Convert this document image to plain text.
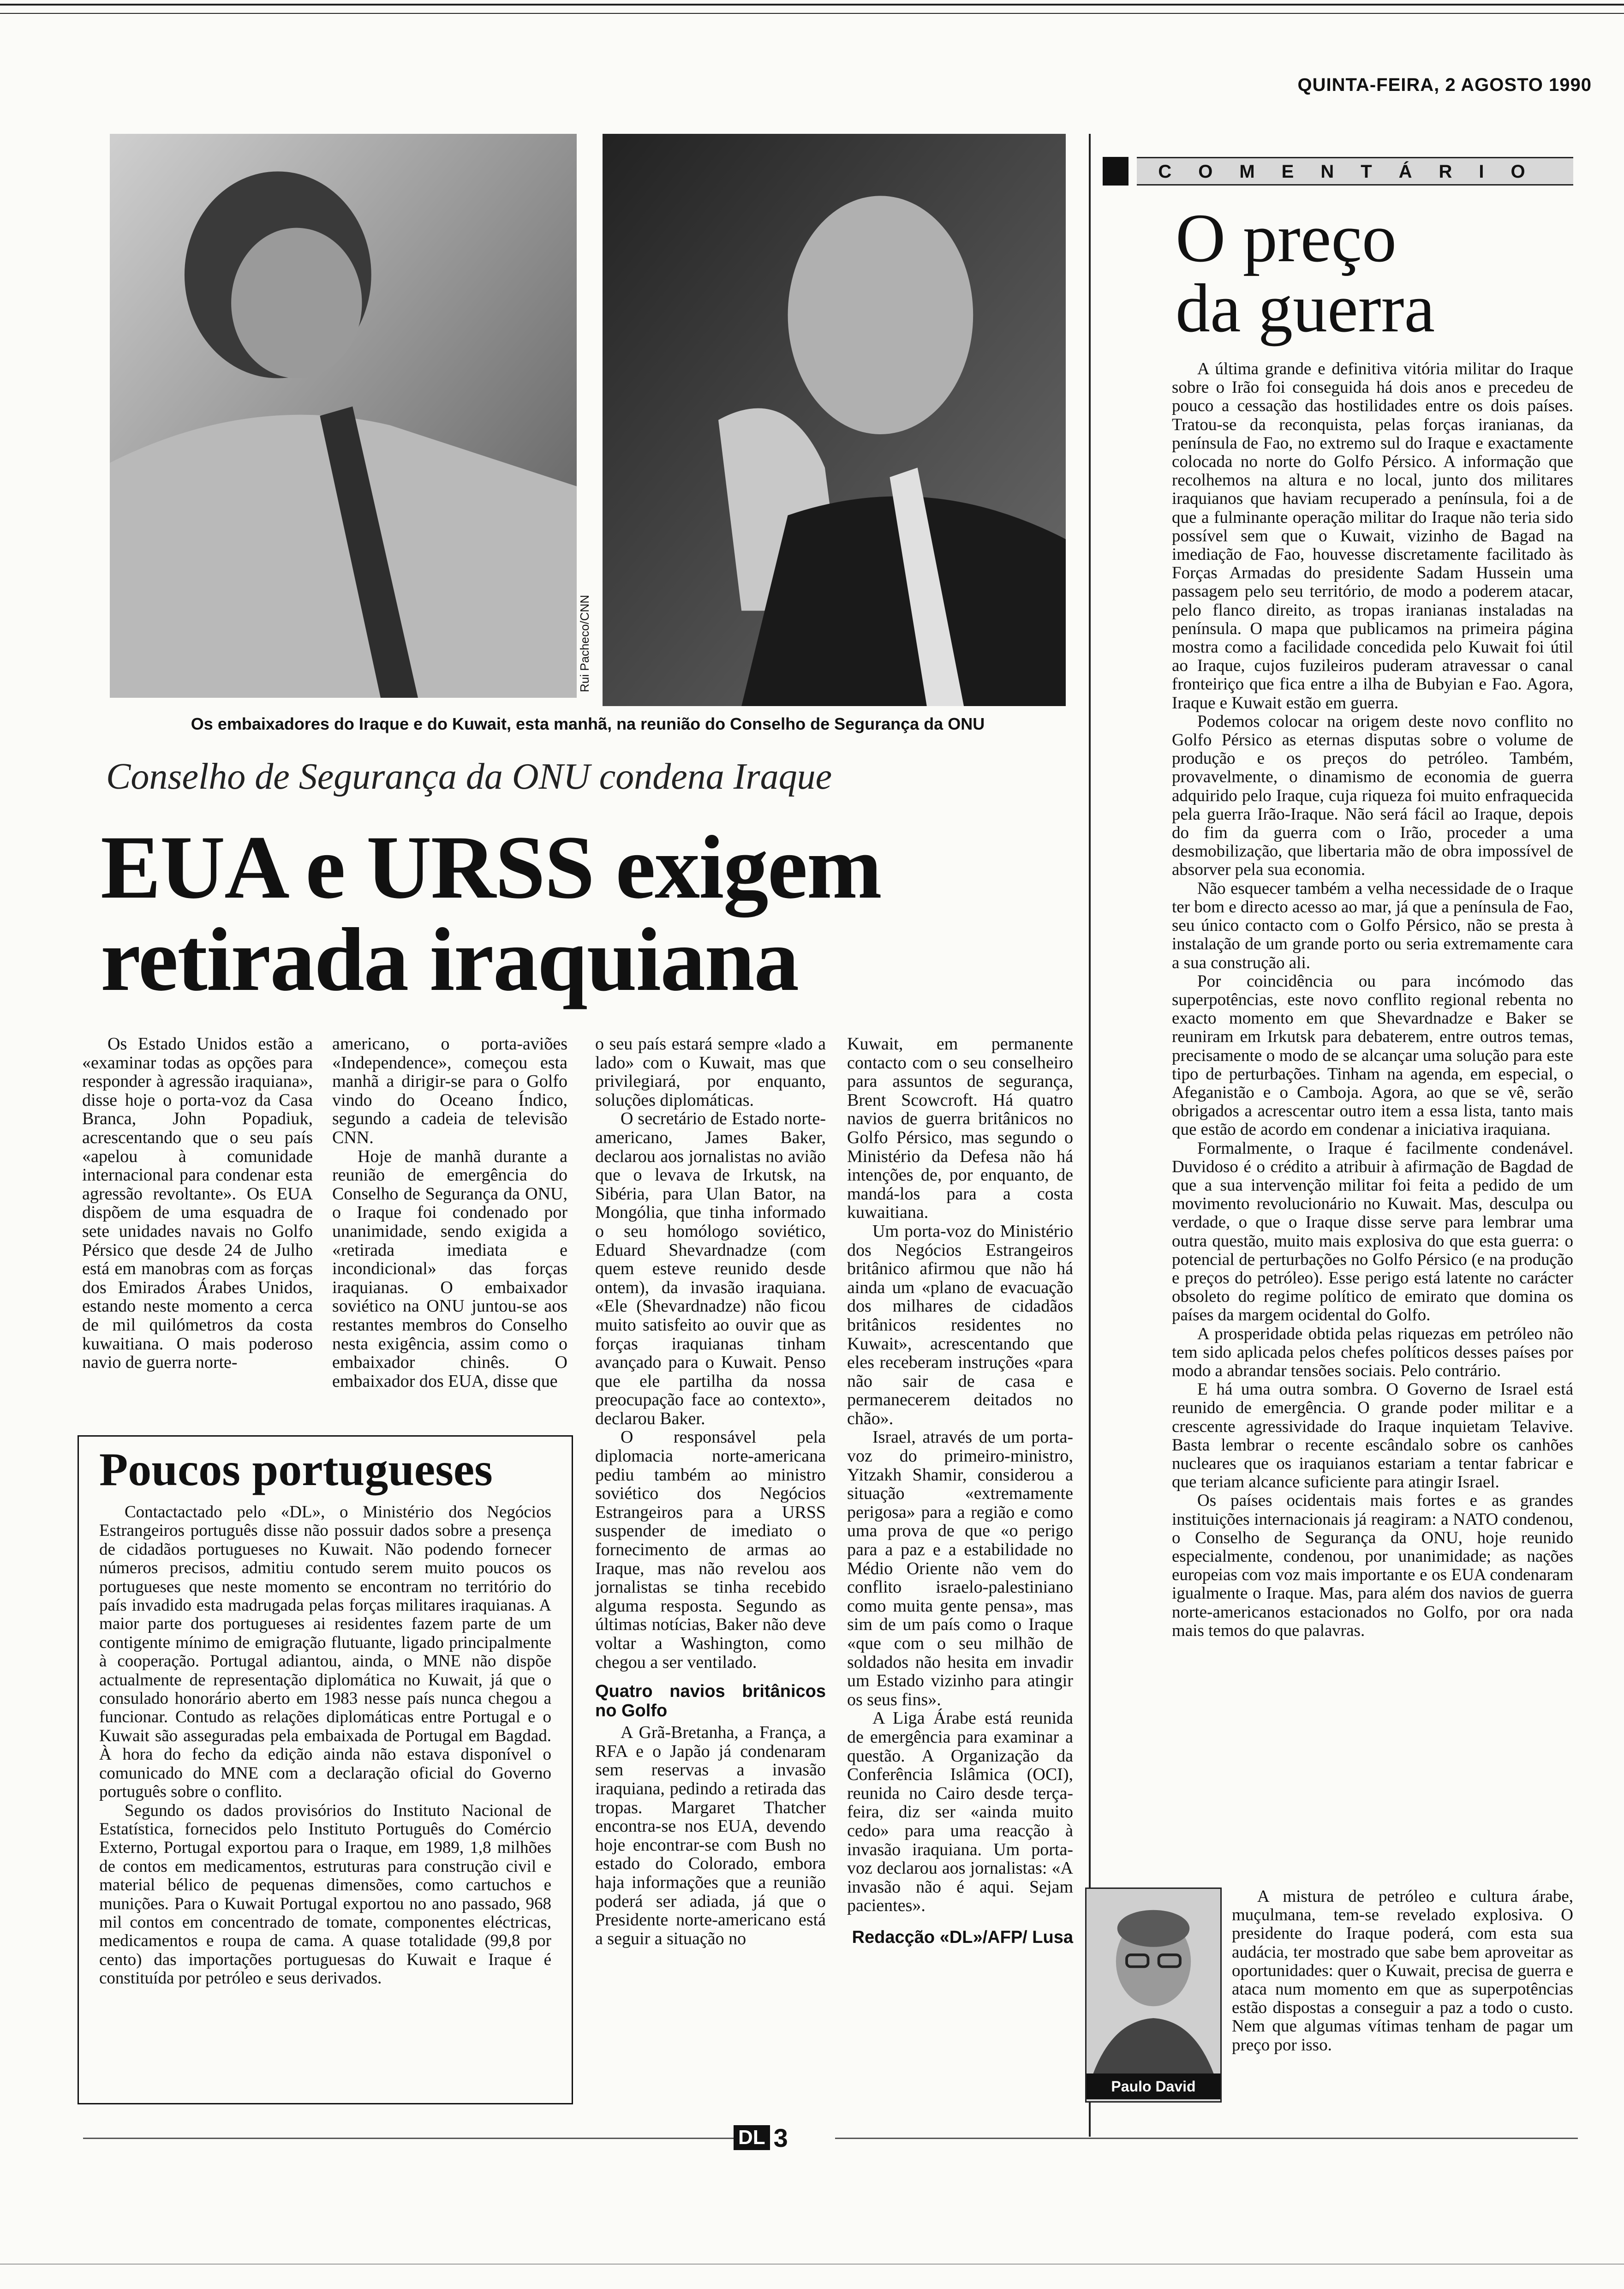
QUINTA-FEIRA, 2 AGOSTO 1990
Rui Pacheco/CNN
Os embaixadores do Iraque e do Kuwait, esta manhã, na reunião do Conselho de Segurança da ONU
Conselho de Segurança da ONU condena Iraque
EUA e URSS exigem
retirada iraquiana

Os Estado Unidos estão a «examinar todas as opções para responder à agressão iraquiana», disse hoje o porta-voz da Casa Branca, John Popadiuk, acrescentando que o seu país «apelou à comunidade internacional para condenar esta agressão revoltante». Os EUA dispõem de uma esquadra de sete unidades navais no Golfo Pérsico que desde 24 de Julho está em manobras com as forças dos Emirados Árabes Unidos, estando neste momento a cerca de mil quilómetros da costa kuwaitiana. O mais poderoso navio de guerra norte-

americano, o porta-aviões «Independence», começou esta manhã a dirigir-se para o Golfo vindo do Oceano Índico, segundo a cadeia de televisão CNN.

Hoje de manhã durante a reunião de emergência do Conselho de Segurança da ONU, o Iraque foi condenado por unanimidade, sendo exigida a «retirada imediata e incondicional» das forças iraquianas. O embaixador soviético na ONU juntou-se aos restantes membros do Conselho nesta exigência, assim como o embaixador chinês. O embaixador dos EUA, disse que

o seu país estará sempre «lado a lado» com o Kuwait, mas que privilegiará, por enquanto, soluções diplomáticas.

O secretário de Estado norte-americano, James Baker, declarou aos jornalistas no avião que o levava de Irkutsk, na Sibéria, para Ulan Bator, na Mongólia, que tinha informado o seu homólogo soviético, Eduard Shevardnadze (com quem esteve reunido desde ontem), da invasão iraquiana. «Ele (Shevardnadze) não ficou muito satisfeito ao ouvir que as forças iraquianas tinham avançado para o Kuwait. Penso que ele partilha da nossa preocupação face ao contexto», declarou Baker.

O responsável pela diplomacia norte-americana pediu também ao ministro soviético dos Negócios Estrangeiros para a URSS suspender de imediato o fornecimento de armas ao Iraque, mas não revelou aos jornalistas se tinha recebido alguma resposta. Segundo as últimas notícias, Baker não deve voltar a Washington, como chegou a ser ventilado.

Quatro navios britânicos no Golfo

A Grã-Bretanha, a França, a RFA e o Japão já condenaram sem reservas a invasão iraquiana, pedindo a retirada das tropas. Margaret Thatcher encontra-se nos EUA, devendo hoje encontrar-se com Bush no estado do Colorado, embora haja informações que a reunião poderá ser adiada, já que o Presidente norte-americano está a seguir a situação no

Kuwait, em permanente contacto com o seu conselheiro para assuntos de segurança, Brent Scowcroft. Há quatro navios de guerra britânicos no Golfo Pérsico, mas segundo o Ministério da Defesa não há intenções de, por enquanto, de mandá-los para a costa kuwaitiana.

Um porta-voz do Ministério dos Negócios Estrangeiros britânico afirmou que não há ainda um «plano de evacuação dos milhares de cidadãos britânicos residentes no Kuwait», acrescentando que eles receberam instruções «para não sair de casa e permanecerem deitados no chão».

Israel, através de um porta-voz do primeiro-ministro, Yitzakh Shamir, considerou a situação «extremamente perigosa» para a região e como uma prova de que «o perigo para a paz e a estabilidade no Médio Oriente não vem do conflito israelo-palestiniano como muita gente pensa», mas sim de um país como o Iraque «que com o seu milhão de soldados não hesita em invadir um Estado vizinho para atingir os seus fins».

A Liga Árabe está reunida de emergência para examinar a questão. A Organização da Conferência Islâmica (OCI), reunida no Cairo desde terça-feira, diz ser «ainda muito cedo» para uma reacção à invasão iraquiana. Um porta-voz declarou aos jornalistas: «A invasão não é aqui. Sejam pacientes».

Redacção «DL»/AFP/ Lusa
Poucos portugueses

Contactactado pelo «DL», o Ministério dos Negócios Estrangeiros português disse não possuir dados sobre a presença de cidadãos portugueses no Kuwait. Não podendo fornecer números precisos, admitiu contudo serem muito poucos os portugueses que neste momento se encontram no território do país invadido esta madrugada pelas forças militares iraquianas. A maior parte dos portugueses ai residentes fazem parte de um contigente mínimo de emigração flutuante, ligado principalmente à cooperação. Portugal adiantou, ainda, o MNE não dispõe actualmente de representação diplomática no Kuwait, já que o consulado honorário aberto em 1983 nesse país nunca chegou a funcionar. Contudo as relações diplomáticas entre Portugal e o Kuwait são asseguradas pela embaixada de Portugal em Bagdad. À hora do fecho da edição ainda não estava disponível o comunicado do MNE com a declaração oficial do Governo português sobre o conflito.

Segundo os dados provisórios do Instituto Nacional de Estatística, fornecidos pelo Instituto Português do Comércio Externo, Portugal exportou para o Iraque, em 1989, 1,8 milhões de contos em medicamentos, estruturas para construção civil e material bélico de pequenas dimensões, como cartuchos e munições. Para o Kuwait Portugal exportou no ano passado, 968 mil contos em concentrado de tomate, componentes eléctricas, medicamentos e roupa de cama. A quase totalidade (99,8 por cento) das importações portuguesas do Kuwait e Iraque é constituída por petróleo e seus derivados.

COMENTÁRIO
O preço
da guerra

A última grande e definitiva vitória militar do Iraque sobre o Irão foi conseguida há dois anos e precedeu de pouco a cessação das hostilidades entre os dois países. Tratou-se da reconquista, pelas forças iranianas, da península de Fao, no extremo sul do Iraque e exactamente colocada no norte do Golfo Pérsico. A informação que recolhemos na altura e no local, junto dos militares iraquianos que haviam recuperado a península, foi a de que a fulminante operação militar do Iraque não teria sido possível sem que o Kuwait, vizinho de Bagad na imediação de Fao, houvesse discretamente facilitado às Forças Armadas do presidente Sadam Hussein uma passagem pelo seu território, de modo a poderem atacar, pelo flanco direito, as tropas iranianas instaladas na península. O mapa que publicamos na primeira página mostra como a facilidade concedida pelo Kuwait foi útil ao Iraque, cujos fuzileiros puderam atravessar o canal fronteiriço que fica entre a ilha de Bubyian e Fao. Agora, Iraque e Kuwait estão em guerra.

Podemos colocar na origem deste novo conflito no Golfo Pérsico as eternas disputas sobre o volume de produção e os preços do petróleo. Também, provavelmente, o dinamismo de economia de guerra adquirido pelo Iraque, cuja riqueza foi muito enfraquecida pela guerra Irão-Iraque. Não será fácil ao Iraque, depois do fim da guerra com o Irão, proceder a uma desmobilização, que libertaria mão de obra impossível de absorver pela sua economia.

Não esquecer também a velha necessidade de o Iraque ter bom e directo acesso ao mar, já que a península de Fao, seu único contacto com o Golfo Pérsico, não se presta à instalação de um grande porto ou seria extremamente cara a sua construção ali.

Por coincidência ou para incómodo das superpotências, este novo conflito regional rebenta no exacto momento em que Shevardnadze e Baker se reuniram em Irkutsk para debaterem, entre outros temas, precisamente o modo de se alcançar uma solução para este tipo de perturbações. Tinham na agenda, em especial, o Afeganistão e o Camboja. Agora, ao que se vê, serão obrigados a acrescentar outro item a essa lista, tanto mais que estão de acordo em condenar a iniciativa iraquiana.

Formalmente, o Iraque é facilmente condenável. Duvidoso é o crédito a atribuir à afirmação de Bagdad de que a sua intervenção militar foi feita a pedido de um movimento revolucionário no Kuwait. Mas, desculpa ou verdade, o que o Iraque disse serve para lembrar uma outra questão, muito mais explosiva do que esta guerra: o potencial de perturbações no Golfo Pérsico (e na produção e preços do petróleo). Esse perigo está latente no carácter obsoleto do regime político de emirato que domina os países da margem ocidental do Golfo.

A prosperidade obtida pelas riquezas em petróleo não tem sido aplicada pelos chefes políticos desses países por modo a abrandar tensões sociais. Pelo contrário.

E há uma outra sombra. O Governo de Israel está reunido de emergência. O grande poder militar e a crescente agressividade do Iraque inquietam Telavive. Basta lembrar o recente escândalo sobre os canhões nucleares que os iraquianos estariam a tentar fabricar e que teriam alcance suficiente para atingir Israel.

Os países ocidentais mais fortes e as grandes instituições internacionais já reagiram: a NATO condenou, o Conselho de Segurança da ONU, hoje reunido especialmente, condenou, por unanimidade; as nações europeias com voz mais importante e os EUA condenaram igualmente o Iraque. Mas, para além dos navios de guerra norte-americanos estacionados no Golfo, por ora nada mais temos do que palavras.

Paulo David

A mistura de petróleo e cultura árabe, muçulmana, tem-se revelado explosiva. O presidente do Iraque poderá, com esta sua audácia, ter mostrado que sabe bem aproveitar as oportunidades: quer o Kuwait, precisa de guerra e ataca num momento em que as superpotências estão dispostas a conseguir a paz a todo o custo. Nem que algumas vítimas tenham de pagar um preço por isso.

DL 3
